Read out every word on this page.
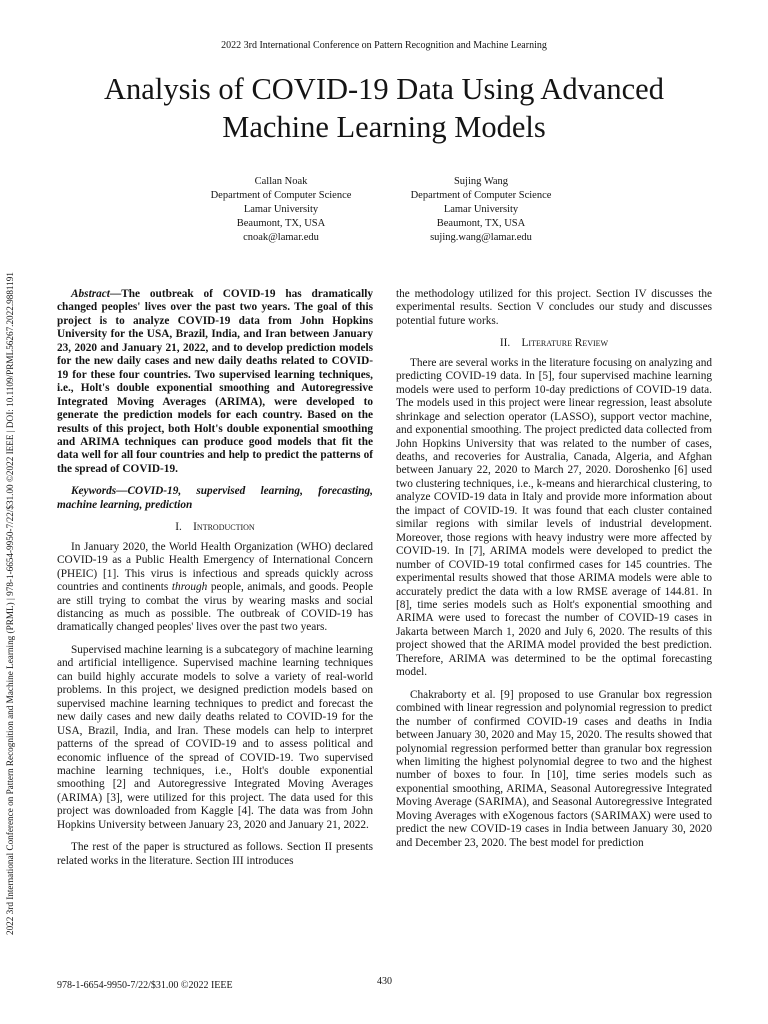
2022 3rd International Conference on Pattern Recognition and Machine Learning
Analysis of COVID-19 Data Using Advanced
Machine Learning Models
Callan Noak
Department of Computer Science
Lamar University
Beaumont, TX, USA
cnoak@lamar.edu
Sujing Wang
Department of Computer Science
Lamar University
Beaumont, TX, USA
sujing.wang@lamar.edu
2022 3rd International Conference on Pattern Recognition and Machine Learning (PRML) | 978-1-6654-9950-7/22/$31.00 ©2022 IEEE | DOI: 10.1109/PRML56267.2022.9881191	Abstract—The outbreak of COVID-19 has dramatically changed peoples' lives over the past two years. The goal of this project is to analyze COVID-19 data from John Hopkins University for the USA, Brazil, India, and Iran between January 23, 2020 and January 21, 2022, and to develop prediction models for the new daily cases and new daily deaths related to COVID-19 for these four countries. Two supervised learning techniques, i.e., Holt's double exponential smoothing and Autoregressive Integrated Moving Averages (ARIMA), were developed to generate the prediction models for each country. Based on the results of this project, both Holt's double exponential smoothing and ARIMA techniques can produce good models that fit the data well for all four countries and help to predict the patterns of the spread of COVID-19.

Keywords—COVID-19, supervised learning, forecasting, machine learning, prediction

I. Introduction

In January 2020, the World Health Organization (WHO) declared COVID-19 as a Public Health Emergency of International Concern (PHEIC) [1]. This virus is infectious and spreads quickly across countries and continents through people, animals, and goods. People are still trying to combat the virus by wearing masks and social distancing as much as possible. The outbreak of COVID-19 has dramatically changed peoples' lives over the past two years.

Supervised machine learning is a subcategory of machine learning and artificial intelligence. Supervised machine learning techniques can build highly accurate models to solve a variety of real-world problems. In this project, we designed prediction models based on supervised machine learning techniques to predict and forecast the new daily cases and new daily deaths related to COVID-19 for the USA, Brazil, India, and Iran. These models can help to interpret patterns of the spread of COVID-19 and to assess political and economic influence of the spread of COVID-19. Two supervised machine learning techniques, i.e., Holt's double exponential smoothing [2] and Autoregressive Integrated Moving Averages (ARIMA) [3], were utilized for this project. The data used for this project was downloaded from Kaggle [4]. The data was from John Hopkins University between January 23, 2020 and January 21, 2022.

The rest of the paper is structured as follows. Section II presents related works in the literature. Section III introduces

the methodology utilized for this project. Section IV discusses the experimental results. Section V concludes our study and discusses potential future works.

II. Literature Review

There are several works in the literature focusing on analyzing and predicting COVID-19 data. In [5], four supervised machine learning models were used to perform 10-day predictions of COVID-19 data. The models used in this project were linear regression, least absolute shrinkage and selection operator (LASSO), support vector machine, and exponential smoothing. The project predicted data collected from John Hopkins University that was related to the number of cases, deaths, and recoveries for Australia, Canada, Algeria, and Afghan between January 22, 2020 to March 27, 2020. Doroshenko [6] used two clustering techniques, i.e., k-means and hierarchical clustering, to analyze COVID-19 data in Italy and provide more information about the impact of COVID-19. It was found that each cluster contained similar regions with similar levels of industrial development. Moreover, those regions with heavy industry were more affected by COVID-19. In [7], ARIMA models were developed to predict the number of COVID-19 total confirmed cases for 145 countries. The experimental results showed that those ARIMA models were able to accurately predict the data with a low RMSE average of 144.81. In [8], time series models such as Holt's exponential smoothing and ARIMA were used to forecast the number of COVID-19 cases in Jakarta between March 1, 2020 and July 6, 2020. The results of this project showed that the ARIMA model provided the best prediction. Therefore, ARIMA was determined to be the optimal forecasting model.

Chakraborty et al. [9] proposed to use Granular box regression combined with linear regression and polynomial regression to predict the number of confirmed COVID-19 cases and deaths in India between January 30, 2020 and May 15, 2020. The results showed that polynomial regression performed better than granular box regression when limiting the highest polynomial degree to two and the highest number of boxes to four. In [10], time series models such as exponential smoothing, ARIMA, Seasonal Autoregressive Integrated Moving Average (SARIMA), and Seasonal Autoregressive Integrated Moving Averages with eXogenous factors (SARIMAX) were used to predict the new COVID-19 cases in India between January 30, 2020 and December 23, 2020. The best model for prediction

978-1-6654-9950-7/22/$31.00 ©2022 IEEE	430
